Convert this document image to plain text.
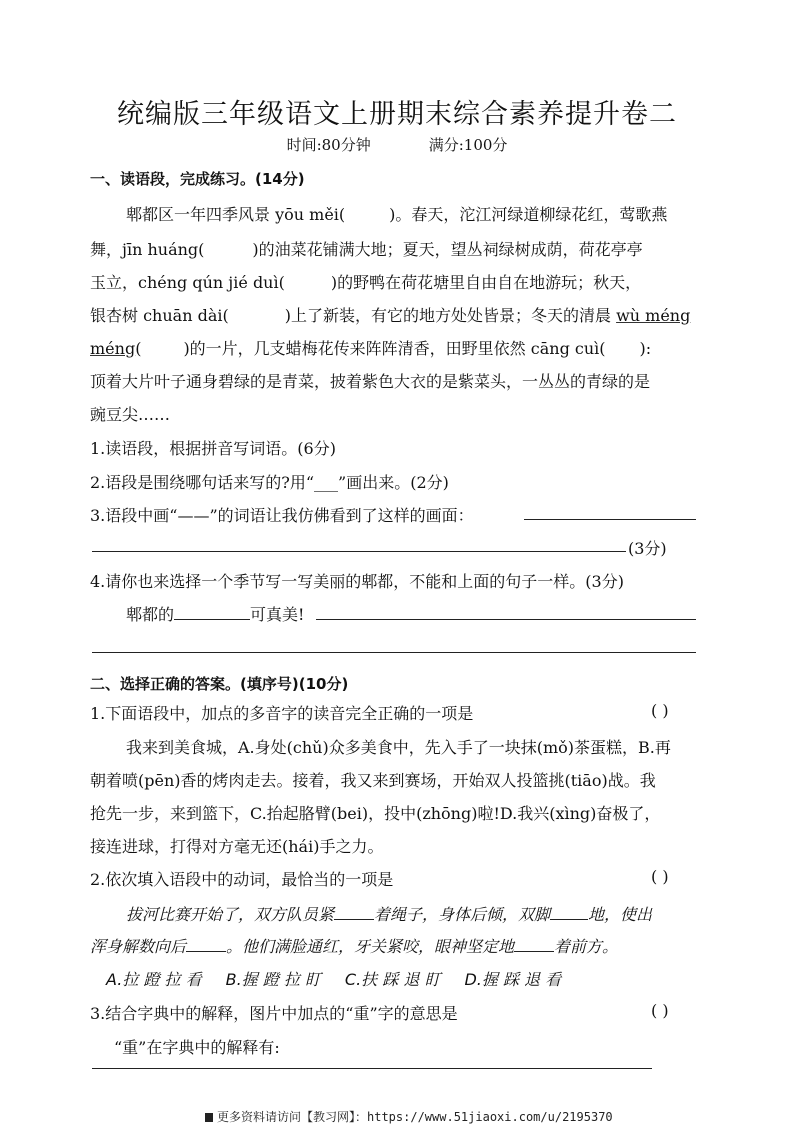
统编版三年级语文上册期末综合素养提升卷二
时间:80分钟	满分:100分
一、读语段，完成练习。(14分)
郫都区一年四季风景 yōu měi(	)。春天，沱江河绿道柳绿花红，莺歌燕
舞，jīn huáng(	)的油菜花铺满大地；夏天，望丛祠绿树成荫，荷花亭亭
玉立，chéng qún jié duì(	)的野鸭在荷花塘里自由自在地游玩；秋天，
银杏树 chuān dài(	)上了新装，有它的地方处处皆景；冬天的清晨 wù méng
méng(	)的一片，几支蜡梅花传来阵阵清香，田野里依然 cāng cuì( ):
顶着大片叶子通身碧绿的是青菜，披着紫色大衣的是紫菜头，一丛丛的青绿的是
豌豆尖……
1.读语段，根据拼音写词语。(6分)
2.语段是围绕哪句话来写的?用“___”画出来。(2分)
3.语段中画“——”的词语让我仿佛看到了这样的画面：
(3分)
4.请你也来选择一个季节写一写美丽的郫都，不能和上面的句子一样。(3分)
郫都的	可真美!
二、选择正确的答案。(填序号)(10分)
1.下面语段中，加点的多音字的读音完全正确的一项是	( )
我来到美食城，A.身处(chǔ)众多美食中，先入手了一块抹(mǒ)茶蛋糕，B.再
朝着喷(pēn)香的烤肉走去。接着，我又来到赛场，开始双人投篮挑(tiāo)战。我
抢先一步，来到篮下，C.抬起胳臂(bei)，投中(zhōng)啦!D.我兴(xìng)奋极了，
接连进球，打得对方毫无还(hái)手之力。
2.依次填入语段中的动词，最恰当的一项是	( )
拔河比赛开始了，双方队员紧	着绳子，身体后倾，双脚 地，使出
浑身解数向后	。他们满脸通红，牙关紧咬，眼神坚定地	着前方。
A.拉 蹬 拉 看 B.握 蹬 拉 盯 C.扶 踩 退 盯 D.握 踩 退 看
3.结合字典中的解释，图片中加点的“重”字的意思是	( )
“重”在字典中的解释有:
更多资料请访问【教习网】：https://www.51jiaoxi.com/u/2195370
